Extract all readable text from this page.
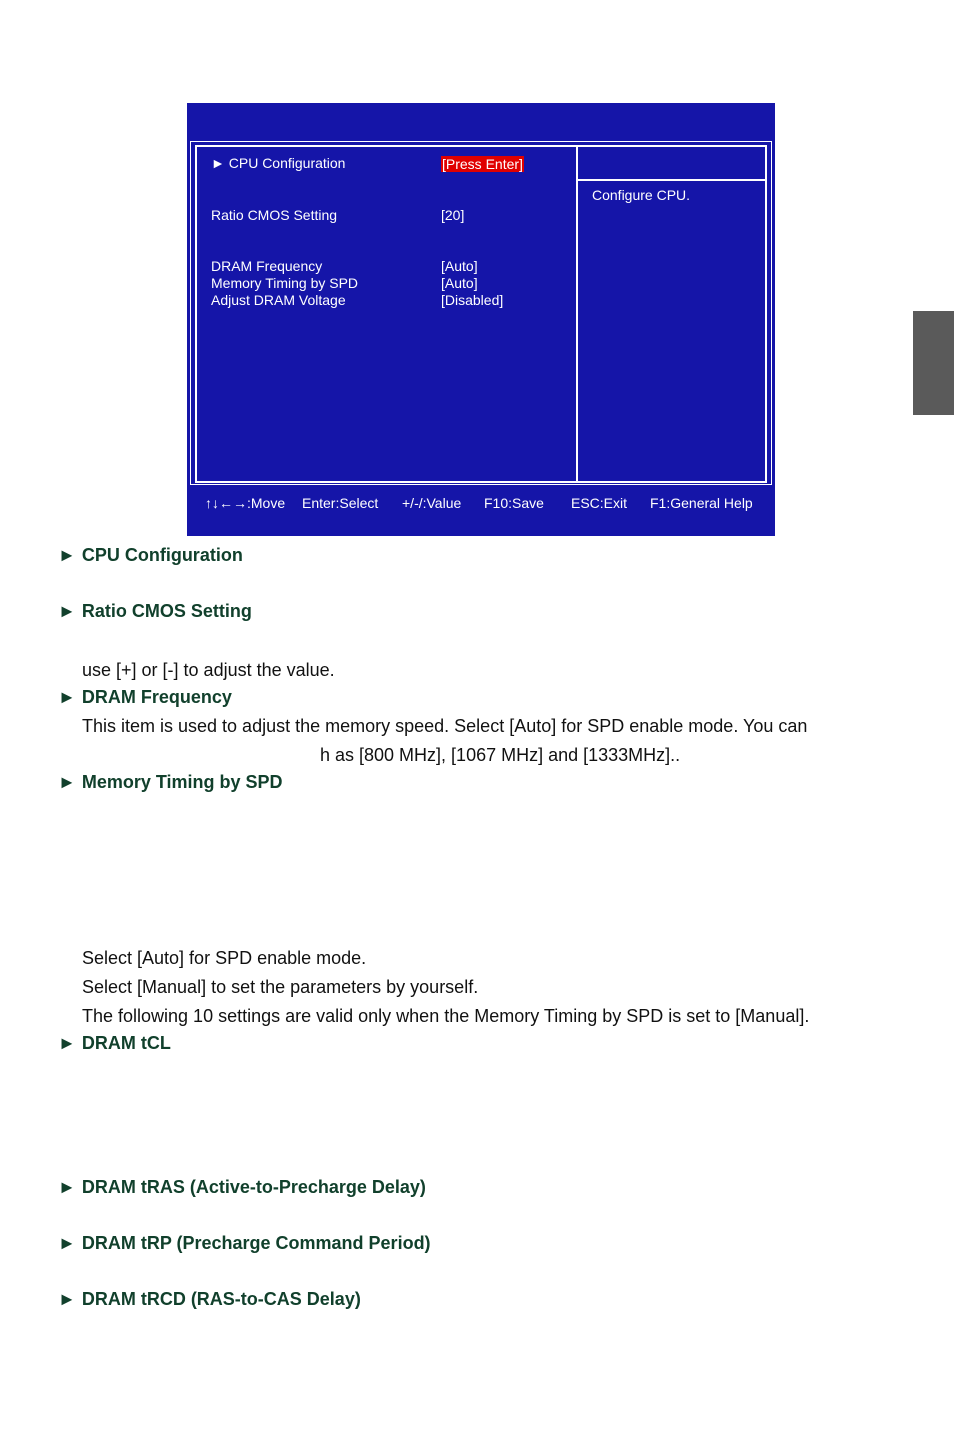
► CPU Configuration	[Press Enter]
Ratio CMOS Setting	[20]
DRAM Frequency	[Auto]
Memory Timing by SPD	[Auto]
Adjust DRAM Voltage	[Disabled]
Configure CPU.
↑↓←→:Move Enter:Select +/-/:Value F10:Save ESC:Exit F1:General Help
► CPU Configuration
► Ratio CMOS Setting
use [+] or [-] to adjust the value.
► DRAM Frequency
This item is used to adjust the memory speed. Select [Auto] for SPD enable mode. You can
h as [800 MHz], [1067 MHz] and [1333MHz]..
► Memory Timing by SPD
Select [Auto] for SPD enable mode.
Select [Manual] to set the parameters by yourself.
The following 10 settings are valid only when the Memory Timing by SPD is set to [Manual].
► DRAM tCL
► DRAM tRAS (Active-to-Precharge Delay)
► DRAM tRP (Precharge Command Period)
► DRAM tRCD (RAS-to-CAS Delay)
